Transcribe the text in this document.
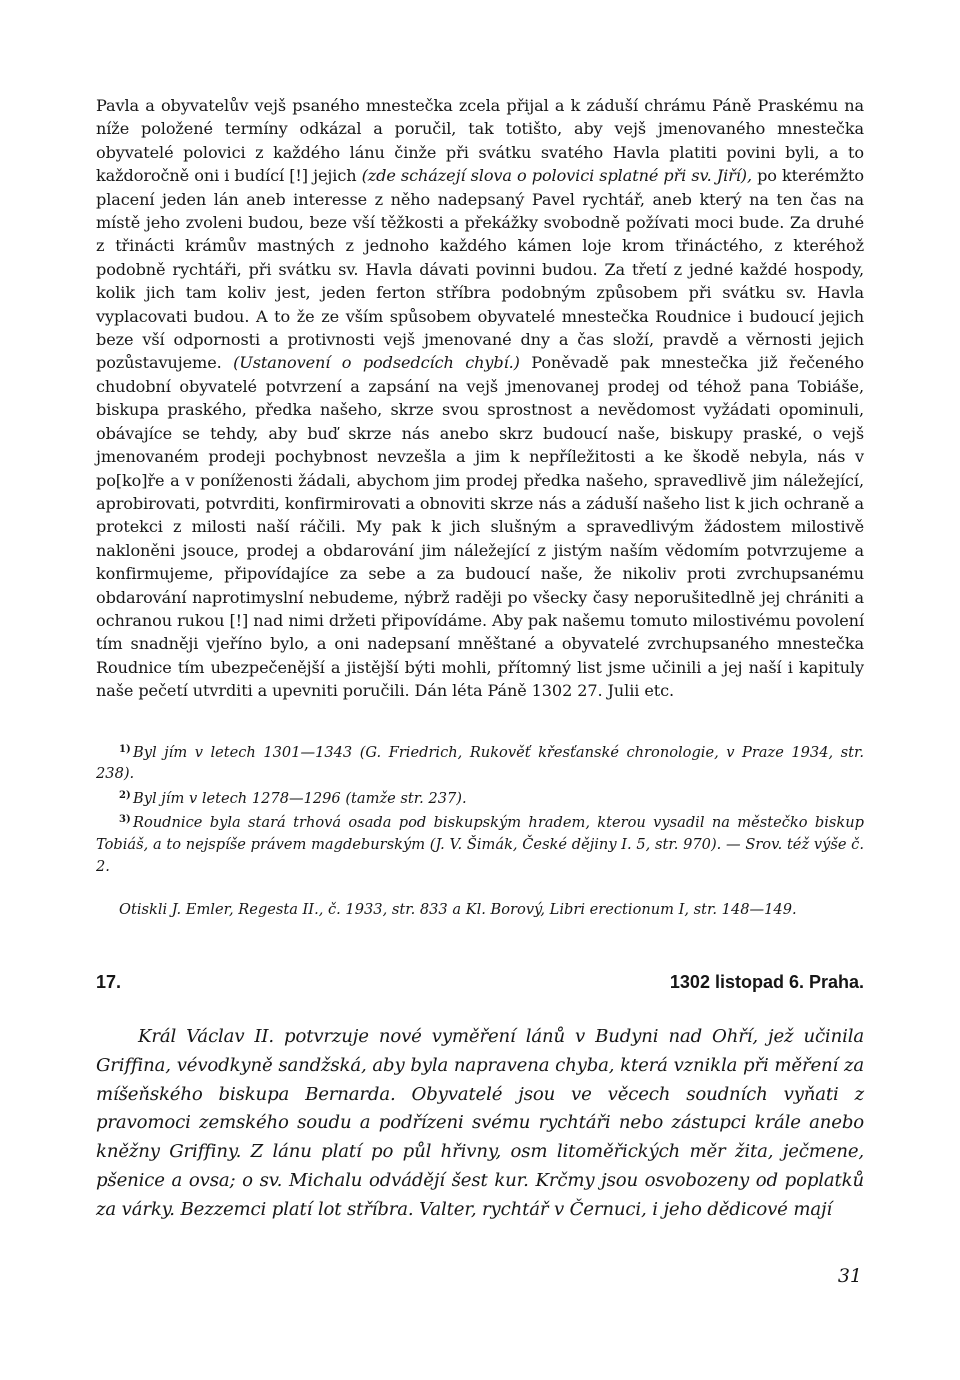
Pavla a obyvatelův vejš psaného mnestečka zcela přijal a k záduší chrámu Páně Praskému na níže položené termíny odkázal a poručil, tak totišto, aby vejš jmenovaného mnestečka obyvatelé polovici z každého lánu činže při svátku svatého Havla platiti povini byli, a to každoročně oni i budící [!] jejich (zde scházejí slova o polovici splatné při sv. Jiří), po kterémžto placení jeden lán aneb interesse z něho nadepsaný Pavel rychtář, aneb který na ten čas na místě jeho zvoleni budou, beze vší těžkosti a překážky svobodně požívati moci bude. Za druhé z třinácti krámův mastných z jednoho každého kámen loje krom třináctého, z kteréhož podobně rychtáři, při svátku sv. Havla dávati povinni budou. Za třetí z jedné každé hospody, kolik jich tam koliv jest, jeden ferton stříbra podobným způsobem při svátku sv. Havla vyplacovati budou. A to že ze vším spůsobem obyvatelé mnestečka Roudnice i budoucí jejich beze vší odpornosti a protivnosti vejš jmenované dny a čas složí, pravdě a věrnosti jejich pozůstavujeme. (Ustanovení o podsedcích chybí.) Poněvadě pak mnestečka již řečeného chudobní obyvatelé potvrzení a zapsání na vejš jmenovanej prodej od téhož pana Tobiáše, biskupa praského, předka našeho, skrze svou sprostnost a nevědomost vyžádati opominuli, obávajíce se tehdy, aby buď skrze nás anebo skrz budoucí naše, biskupy praské, o vejš jmenovaném prodeji pochybnost nevzešla a jim k nepříležitosti a ke škodě nebyla, nás v po[ko]ře a v poníženosti žádali, abychom jim prodej předka našeho, spravedlivě jim náležející, aprobirovati, potvrditi, konfirmirovati a obnoviti skrze nás a záduší našeho list k jich ochraně a protekci z milosti naší ráčili. My pak k jich slušným a spravedlivým žádostem milostivě nakloněni jsouce, prodej a obdarování jim náležející z jistým naším vědomím potvrzujeme a konfirmujeme, připovídajíce za sebe a za budoucí naše, že nikoliv proti zvrchupsanému obdarování naprotimyslní nebudeme, nýbrž raději po všecky časy neporušitedlně jej chrániti a ochranou rukou [!] nad nimi držeti připovídáme. Aby pak našemu tomuto milostivému povolení tím snadněji vjeříno bylo, a oni nadepsaní mněštané a obyvatelé zvrchupsaného mnestečka Roudnice tím ubezpečenější a jistější býti mohli, přítomný list jsme učinili a jej naší i kapituly naše pečetí utvrditi a upevniti poručili. Dán léta Páně 1302 27. Julii etc.

1) Byl jím v letech 1301—1343 (G. Friedrich, Rukověť křesťanské chronologie, v Praze 1934, str. 238).

2) Byl jím v letech 1278—1296 (tamže str. 237).

3) Roudnice byla stará trhová osada pod biskupským hradem, kterou vysadil na městečko biskup Tobiáš, a to nejspíše právem magdeburským (J. V. Šimák, České dějiny I. 5, str. 970). — Srov. též výše č. 2.

Otiskli J. Emler, Regesta II., č. 1933, str. 833 a Kl. Borový, Libri erectionum I, str. 148—149.

17.	1302 listopad 6. Praha.

Král Václav II. potvrzuje nové vyměření lánů v Budyni nad Ohří, jež učinila Griffina, vévodkyně sandžská, aby byla napravena chyba, která vznikla při měření za míšeňského biskupa Bernarda. Obyvatelé jsou ve věcech soudních vyňati z pravomoci zemského soudu a podřízeni svému rychtáři nebo zástupci krále anebo kněžny Griffiny. Z lánu platí po půl hřivny, osm litoměřických měr žita, ječmene, pšenice a ovsa; o sv. Michalu odvádějí šest kur. Krčmy jsou osvobozeny od poplatků za várky. Bezzemci platí lot stříbra. Valter, rychtář v Černuci, i jeho dědicové mají

31
